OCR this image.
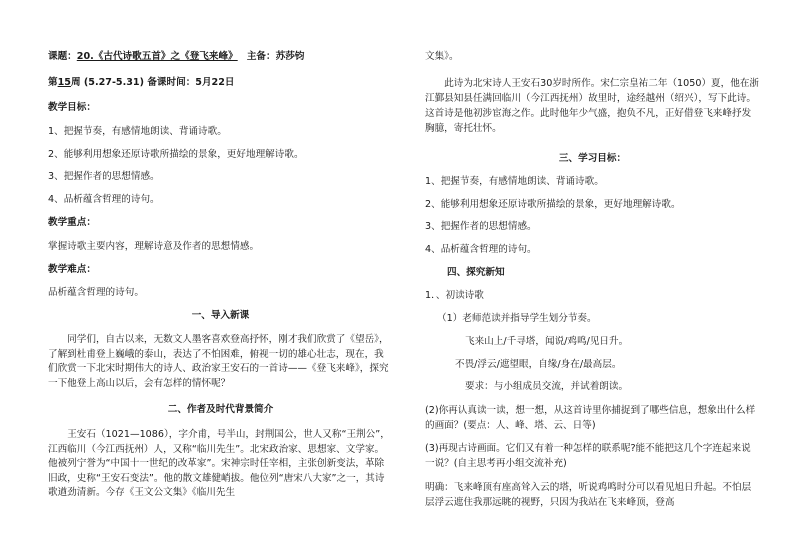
课题：20.《古代诗歌五首》之《登飞来峰》 主备：苏莎钧

第15周 (5.27-5.31) 备课时间：5月22日

教学目标：

1、把握节奏，有感情地朗读、背诵诗歌。

2、能够利用想象还原诗歌所描绘的景象，更好地理解诗歌。

3、把握作者的思想情感。

4、品析蕴含哲理的诗句。

教学重点：

掌握诗歌主要内容，理解诗意及作者的思想情感。

教学难点：

品析蕴含哲理的诗句。

一、导入新课

同学们，自古以来，无数文人墨客喜欢登高抒怀，刚才我们欣赏了《望岳》，了解到杜甫登上巍峨的泰山，表达了不怕困难，俯视一切的雄心壮志，现在，我们欣赏一下北宋时期伟大的诗人、政治家王安石的一首诗——《登飞来峰》，探究一下他登上高山以后，会有怎样的情怀呢？

二、作者及时代背景简介

王安石（1021—1086），字介甫，号半山，封荆国公，世人又称“王荆公”，江西临川（今江西抚州）人，又称“临川先生”。北宋政治家、思想家、文学家。他被列宁誉为“中国十一世纪的改革家”。宋神宗时任宰相，主张创新变法，革除旧政，史称“王安石变法”。他的散文雄健峭拔。他位列“唐宋八大家”之一，其诗歌遒劲清新。今存《王文公文集》《临川先生

文集》。

此诗为北宋诗人王安石30岁时所作。宋仁宗皇祐二年（1050）夏，他在浙江鄞县知县任满回临川（今江西抚州）故里时，途经越州（绍兴），写下此诗。这首诗是他初涉宦海之作。此时他年少气盛，抱负不凡，正好借登飞来峰抒发胸臆，寄托壮怀。

三、学习目标：

1、把握节奏，有感情地朗读、背诵诗歌。

2、能够利用想象还原诗歌所描绘的景象，更好地理解诗歌。

3、把握作者的思想情感。

4、品析蕴含哲理的诗句。

四、探究新知

1．、初读诗歌

（1）老师范读并指导学生划分节奏。

飞来山上/千寻塔，闻说/鸡鸣/见日升。

不畏/浮云/遮望眼，自缘/身在/最高层。

要求：与小组成员交流，并试着朗读。

(2)你再认真读一读，想一想，从这首诗里你捕捉到了哪些信息，想象出什么样的画面？(要点：人、峰、塔、云、日等)

(3)再现古诗画面。它们又有着一种怎样的联系呢?能不能把这几个字连起来说一说？(自主思考再小组交流补充)

明确：飞来峰顶有座高耸入云的塔，听说鸡鸣时分可以看见旭日升起。不怕层层浮云遮住我那远眺的视野，只因为我站在飞来峰顶，登高
